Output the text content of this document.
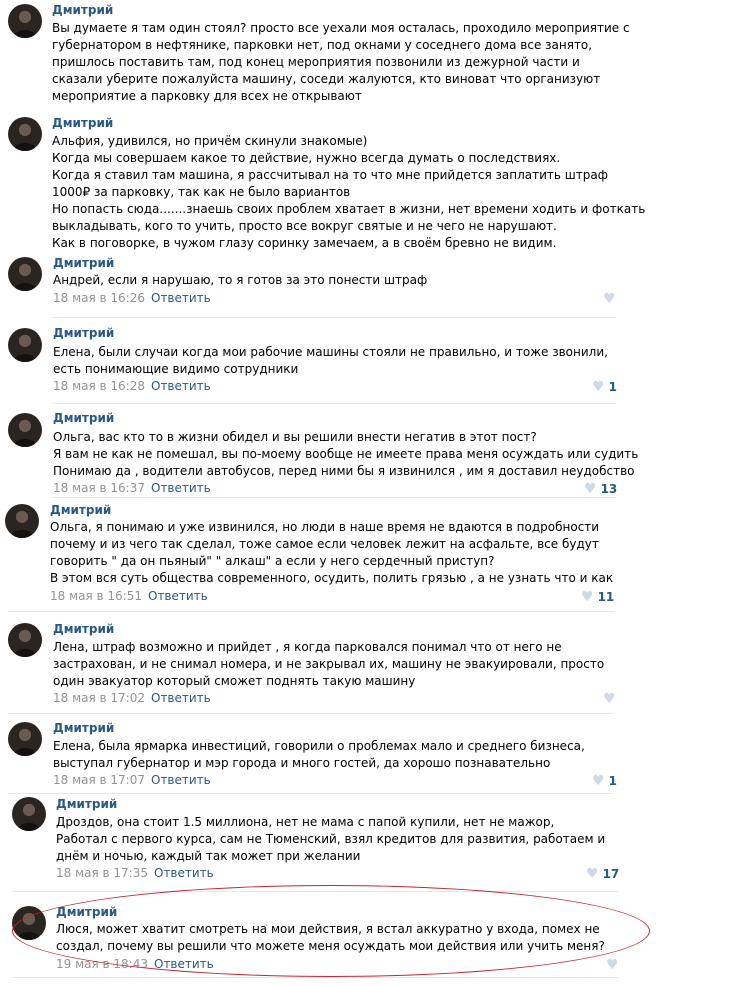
Дмитрий
Вы думаете я там один стоял? просто все уехали моя осталась, проходило мероприятие с
губернатором в нефтянике, парковки нет, под окнами у соседнего дома все занято,
пришлось поставить там, под конец мероприятия позвонили из дежурной части и
сказали уберите пожалуйста машину, соседи жалуются, кто виноват что организуют
мероприятие а парковку для всех не открывают
Дмитрий
Альфия, удивился, но причём скинули знакомые)
Когда мы совершаем какое то действие, нужно всегда думать о последствиях.
Когда я ставил там машина, я рассчитывал на то что мне прийдется заплатить штраф
1000₽ за парковку, так как не было вариантов
Но попасть сюда.......знаешь своих проблем хватает в жизни, нет времени ходить и фоткать
выкладывать, кого то учить, просто все вокруг святые и не чего не нарушают.
Как в поговорке, в чужом глазу соринку замечаем, а в своём бревно не видим.
Дмитрий
Андрей, если я нарушаю, то я готов за это понести штраф
18 мая в 16:26 Ответить	♥
Дмитрий
Елена, были случаи когда мои рабочие машины стояли не правильно, и тоже звонили,
есть понимающие видимо сотрудники
18 мая в 16:28 Ответить	♥ 1
Дмитрий
Ольга, вас кто то в жизни обидел и вы решили внести негатив в этот пост?
Я вам не как не помешал, вы по-моему вообще не имеете права меня осуждать или судить
Понимаю да , водители автобусов, перед ними бы я извинился , им я доставил неудобство
18 мая в 16:37 Ответить	♥ 13
Дмитрий
Ольга, я понимаю и уже извинился, но люди в наше время не вдаются в подробности
почему и из чего так сделал, тоже самое если человек лежит на асфальте, все будут
говорить " да он пьяный" " алкаш" а если у него сердечный приступ?
В этом вся суть общества современного, осудить, полить грязью , а не узнать что и как
18 мая в 16:51 Ответить	♥ 11
Дмитрий
Лена, штраф возможно и прийдет , я когда парковался понимал что от него не
застрахован, и не снимал номера, и не закрывал их, машину не эвакуировали, просто
один эвакуатор который сможет поднять такую машину
18 мая в 17:02 Ответить	♥
Дмитрий
Елена, была ярмарка инвестиций, говорили о проблемах мало и среднего бизнеса,
выступал губернатор и мэр города и много гостей, да хорошо познавательно
18 мая в 17:07 Ответить	♥ 1
Дмитрий
Дроздов, она стоит 1.5 миллиона, нет не мама с папой купили, нет не мажор,
Работал с первого курса, сам не Тюменский, взял кредитов для развития, работаем и
днём и ночью, каждый так может при желании
18 мая в 17:35 Ответить	♥ 17
Дмитрий
Люся, может хватит смотреть на мои действия, я встал аккуратно у входа, помех не
создал, почему вы решили что можете меня осуждать мои действия или учить меня?
19 мая в 18:43 Ответить	♥
